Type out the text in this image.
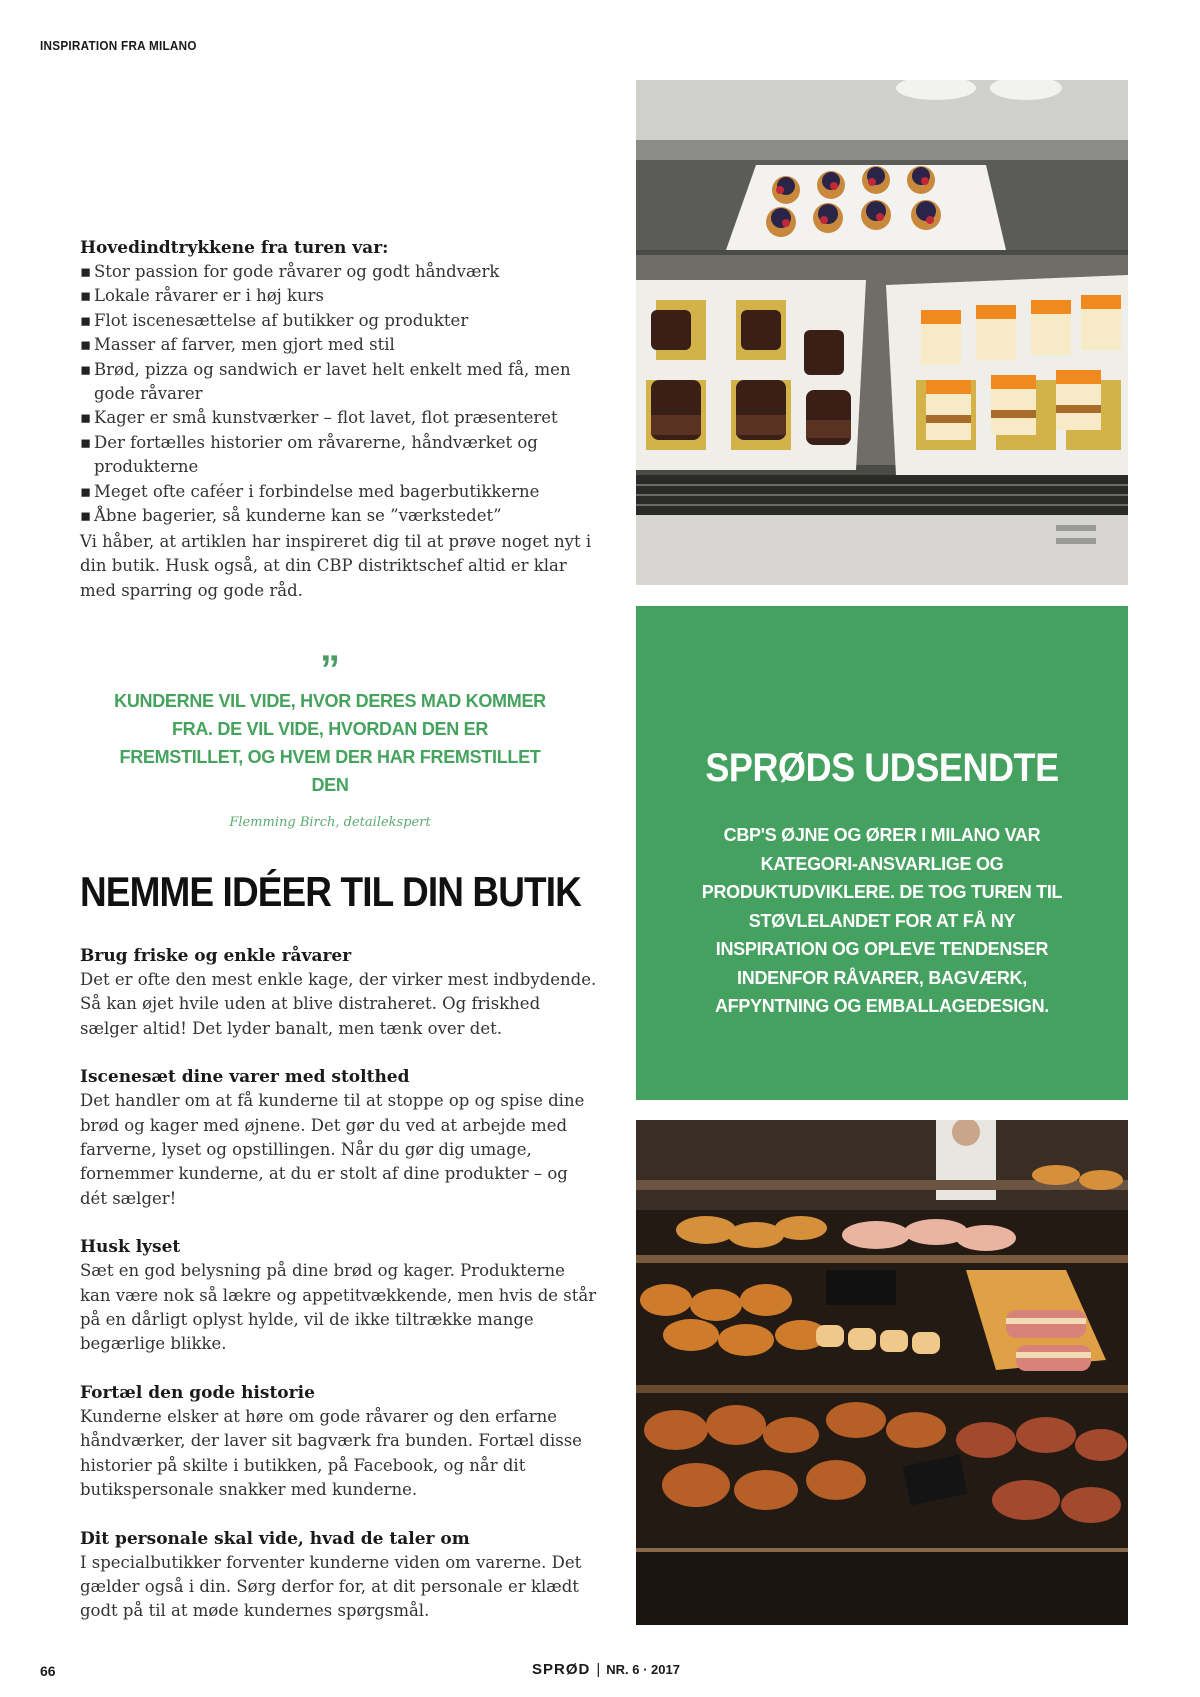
INSPIRATION FRA MILANO
Hovedindtrykkene fra turen var:
▪ Stor passion for gode råvarer og godt håndværk
▪ Lokale råvarer er i høj kurs
▪ Flot iscenesættelse af butikker og produkter
▪ Masser af farver, men gjort med stil
▪ Brød, pizza og sandwich er lavet helt enkelt med få, men gode råvarer
▪ Kager er små kunstværker – flot lavet, flot præsenteret
▪ Der fortælles historier om råvarerne, håndværket og produkterne
▪ Meget ofte caféer i forbindelse med bagerbutikkerne
▪ Åbne bagerier, så kunderne kan se ”værkstedet”

Vi håber, at artiklen har inspireret dig til at prøve noget nyt i din butik. Husk også, at din CBP distriktschef altid er klar med sparring og gode råd.

”
KUNDERNE VIL VIDE, HVOR DERES MAD KOMMER FRA. DE VIL VIDE, HVORDAN DEN ER FREMSTILLET, OG HVEM DER HAR FREMSTILLET DEN
Flemming Birch, detailekspert
NEMME IDÉER TIL DIN BUTIK
Brug friske og enkle råvarer

Det er ofte den mest enkle kage, der virker mest indbydende. Så kan øjet hvile uden at blive distraheret. Og friskhed sælger altid! Det lyder banalt, men tænk over det.

Iscenesæt dine varer med stolthed

Det handler om at få kunderne til at stoppe op og spise dine brød og kager med øjnene. Det gør du ved at arbejde med farverne, lyset og opstillingen. Når du gør dig umage, fornemmer kunderne, at du er stolt af dine produkter – og dét sælger!

Husk lyset

Sæt en god belysning på dine brød og kager. Produkterne kan være nok så lækre og appetitvækkende, men hvis de står på en dårligt oplyst hylde, vil de ikke tiltrække mange begærlige blikke.

Fortæl den gode historie

Kunderne elsker at høre om gode råvarer og den erfarne håndværker, der laver sit bagværk fra bunden. Fortæl disse historier på skilte i butikken, på Facebook, og når dit butikspersonale snakker med kunderne.

Dit personale skal vide, hvad de taler om

I specialbutikker forventer kunderne viden om varerne. Det gælder også i din. Sørg derfor for, at dit personale er klædt godt på til at møde kundernes spørgsmål.

SPRØDS UDSENDTE
CBP'S ØJNE OG ØRER I MILANO VAR KATEGORI-ANSVARLIGE OG PRODUKTUDVIKLERE. DE TOG TUREN TIL STØVLELANDET FOR AT FÅ NY INSPIRATION OG OPLEVE TENDENSER INDENFOR RÅVARER, BAGVÆRK, AFPYNTNING OG EMBALLAGEDESIGN.
66	SPRØD | NR. 6 · 2017
